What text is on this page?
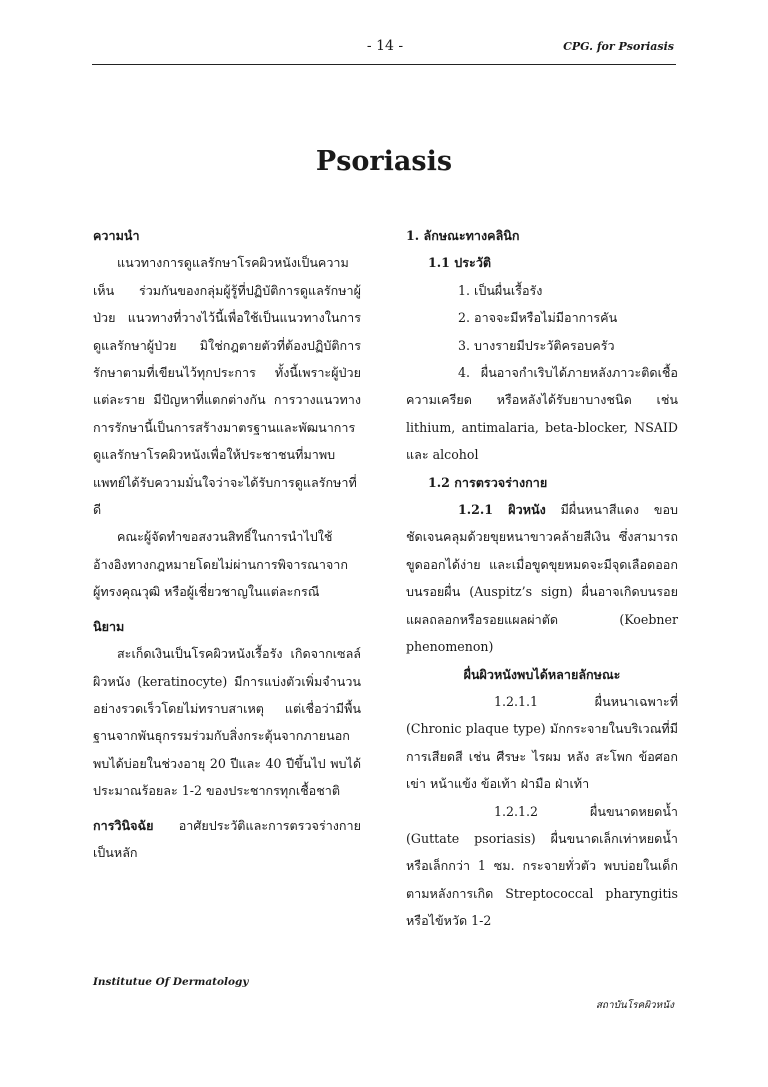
- 14 -	CPG. for Psoriasis
Psoriasis

ความนำ

แนวทางการดูแลรักษาโรคผิวหนังเป็นความเห็น ร่วมกันของกลุ่มผู้รู้ที่ปฏิบัติการดูแลรักษาผู้ป่วย แนวทางที่วางไว้นี้เพื่อใช้เป็นแนวทางในการดูแลรักษาผู้ป่วย มิใช่กฎตายตัวที่ต้องปฏิบัติการรักษาตามที่เขียนไว้ทุกประการ ทั้งนี้เพราะผู้ป่วยแต่ละราย มีปัญหาที่แตกต่างกัน การวางแนวทางการรักษานี้เป็นการสร้างมาตรฐานและพัฒนาการดูแลรักษาโรคผิวหนังเพื่อให้ประชาชนที่มาพบแพทย์ได้รับความมั่นใจว่าจะได้รับการดูแลรักษาที่ดี

คณะผู้จัดทำขอสงวนสิทธิ์ในการนำไปใช้อ้างอิงทางกฎหมายโดยไม่ผ่านการพิจารณาจากผู้ทรงคุณวุฒิ หรือผู้เชี่ยวชาญในแต่ละกรณี

นิยาม

สะเก็ดเงินเป็นโรคผิวหนังเรื้อรัง เกิดจากเซลล์ผิวหนัง (keratinocyte) มีการแบ่งตัวเพิ่มจำนวนอย่างรวดเร็วโดยไม่ทราบสาเหตุ แต่เชื่อว่ามีพื้นฐานจากพันธุกรรมร่วมกับสิ่งกระตุ้นจากภายนอก พบได้บ่อยในช่วงอายุ 20 ปีและ 40 ปีขึ้นไป พบได้ประมาณร้อยละ 1-2 ของประชากรทุกเชื้อชาติ

การวินิจฉัย อาศัยประวัติและการตรวจร่างกายเป็นหลัก

1. ลักษณะทางคลินิก

1.1 ประวัติ

1. เป็นผื่นเรื้อรัง

2. อาจจะมีหรือไม่มีอาการคัน

3. บางรายมีประวัติครอบครัว

4. ผื่นอาจกำเริบได้ภายหลังภาวะติดเชื้อ ความเครียด หรือหลังได้รับยาบางชนิด เช่น lithium, antimalaria, beta-blocker, NSAID และ alcohol

1.2 การตรวจร่างกาย

1.2.1 ผิวหนัง มีผื่นหนาสีแดง ขอบชัดเจนคลุมด้วยขุยหนาขาวคล้ายสีเงิน ซึ่งสามารถขูดออกได้ง่าย และเมื่อขูดขุยหมดจะมีจุดเลือดออกบนรอยผื่น (Auspitz’s sign) ผื่นอาจเกิดบนรอยแผลถลอกหรือรอยแผลผ่าตัด (Koebner phenomenon)

ผื่นผิวหนังพบได้หลายลักษณะ

1.2.1.1 ผื่นหนาเฉพาะที่ (Chronic plaque type) มักกระจายในบริเวณที่มีการเสียดสี เช่น ศีรษะ ไรผม หลัง สะโพก ข้อศอก เข่า หน้าแข้ง ข้อเท้า ฝ่ามือ ฝ่าเท้า

1.2.1.2 ผื่นขนาดหยดน้ำ (Guttate psoriasis) ผื่นขนาดเล็กเท่าหยดน้ำหรือเล็กกว่า 1 ซม. กระจายทั่วตัว พบบ่อยในเด็กตามหลังการเกิด Streptococcal pharyngitis หรือไข้หวัด 1-2

Institutue Of Dermatology
สถาบันโรคผิวหนัง
